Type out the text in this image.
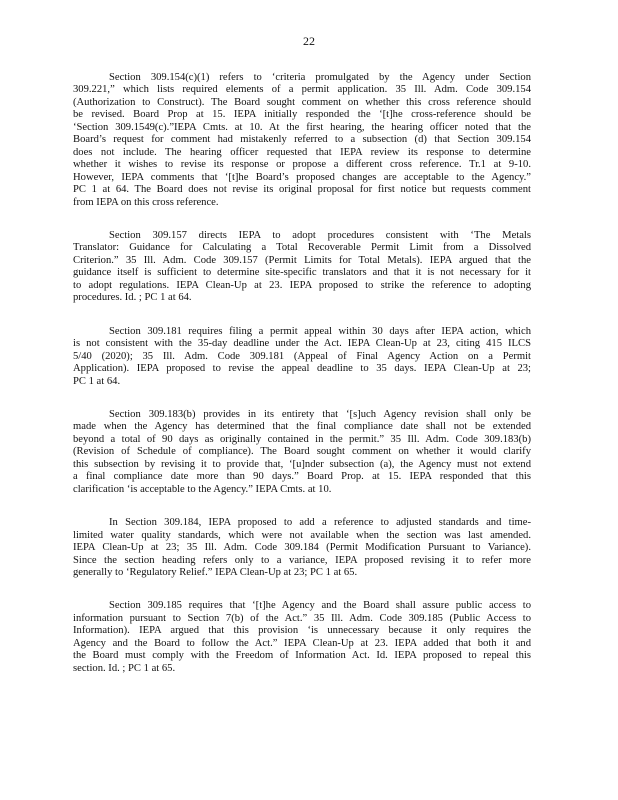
22

Section 309.154(c)(1) refers to ‘criteria promulgated by the Agency under Section
309.221,” which lists required elements of a permit application. 35 Ill. Adm. Code 309.154
(Authorization to Construct). The Board sought comment on whether this cross reference should
be revised. Board Prop at 15. IEPA initially responded the ‘[t]he cross-reference should be
‘Section 309.1549(c).”IEPA Cmts. at 10. At the first hearing, the hearing officer noted that the
Board’s request for comment had mistakenly referred to a subsection (d) that Section 309.154
does not include. The hearing officer requested that IEPA review its response to determine
whether it wishes to revise its response or propose a different cross reference. Tr.1 at 9-10.
However, IEPA comments that ‘[t]he Board’s proposed changes are acceptable to the Agency.”
PC 1 at 64. The Board does not revise its original proposal for first notice but requests comment
from IEPA on this cross reference.

Section 309.157 directs IEPA to adopt procedures consistent with ‘The Metals
Translator: Guidance for Calculating a Total Recoverable Permit Limit from a Dissolved
Criterion.” 35 Ill. Adm. Code 309.157 (Permit Limits for Total Metals). IEPA argued that the
guidance itself is sufficient to determine site-specific translators and that it is not necessary for it
to adopt regulations. IEPA Clean-Up at 23. IEPA proposed to strike the reference to adopting
procedures. Id. ; PC 1 at 64.

Section 309.181 requires filing a permit appeal within 30 days after IEPA action, which
is not consistent with the 35-day deadline under the Act. IEPA Clean-Up at 23, citing 415 ILCS
5/40 (2020); 35 Ill. Adm. Code 309.181 (Appeal of Final Agency Action on a Permit
Application). IEPA proposed to revise the appeal deadline to 35 days. IEPA Clean-Up at 23;
PC 1 at 64.

Section 309.183(b) provides in its entirety that ‘[s]uch Agency revision shall only be
made when the Agency has determined that the final compliance date shall not be extended
beyond a total of 90 days as originally contained in the permit.” 35 Ill. Adm. Code 309.183(b)
(Revision of Schedule of compliance). The Board sought comment on whether it would clarify
this subsection by revising it to provide that, ‘[u]nder subsection (a), the Agency must not extend
a final compliance date more than 90 days.” Board Prop. at 15. IEPA responded that this
clarification ‘is acceptable to the Agency.” IEPA Cmts. at 10.

In Section 309.184, IEPA proposed to add a reference to adjusted standards and time-
limited water quality standards, which were not available when the section was last amended.
IEPA Clean-Up at 23; 35 Ill. Adm. Code 309.184 (Permit Modification Pursuant to Variance).
Since the section heading refers only to a variance, IEPA proposed revising it to refer more
generally to ‘Regulatory Relief.” IEPA Clean-Up at 23; PC 1 at 65.

Section 309.185 requires that ‘[t]he Agency and the Board shall assure public access to
information pursuant to Section 7(b) of the Act.” 35 Ill. Adm. Code 309.185 (Public Access to
Information). IEPA argued that this provision ‘is unnecessary because it only requires the
Agency and the Board to follow the Act.” IEPA Clean-Up at 23. IEPA added that both it and
the Board must comply with the Freedom of Information Act. Id. IEPA proposed to repeal this
section. Id. ; PC 1 at 65.
